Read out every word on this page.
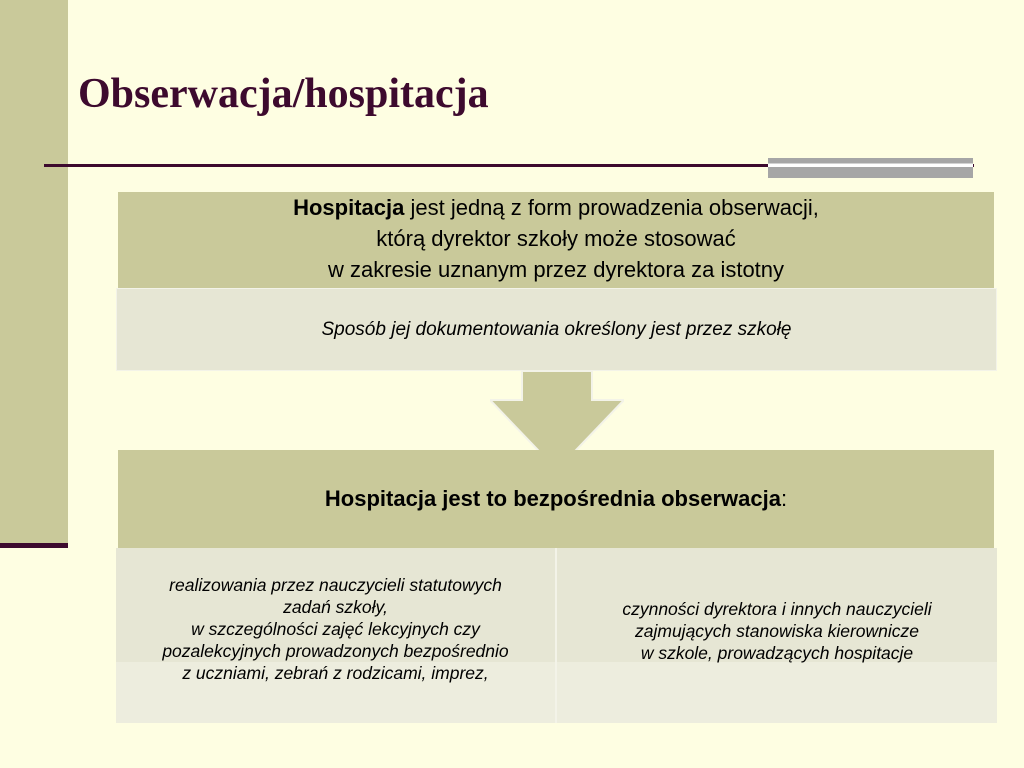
Obserwacja/hospitacja
Hospitacja jest jedną z form prowadzenia obserwacji,
którą dyrektor szkoły może stosować
w zakresie uznanym przez dyrektora za istotny
Sposób jej dokumentowania określony jest przez szkołę
Hospitacja jest to bezpośrednia obserwacja:
realizowania przez nauczycieli statutowych
zadań szkoły,
w szczególności zajęć lekcyjnych czy
pozalekcyjnych prowadzonych bezpośrednio
z uczniami, zebrań z rodzicami, imprez,
czynności dyrektora i innych nauczycieli
zajmujących stanowiska kierownicze
w szkole, prowadzących hospitacje
